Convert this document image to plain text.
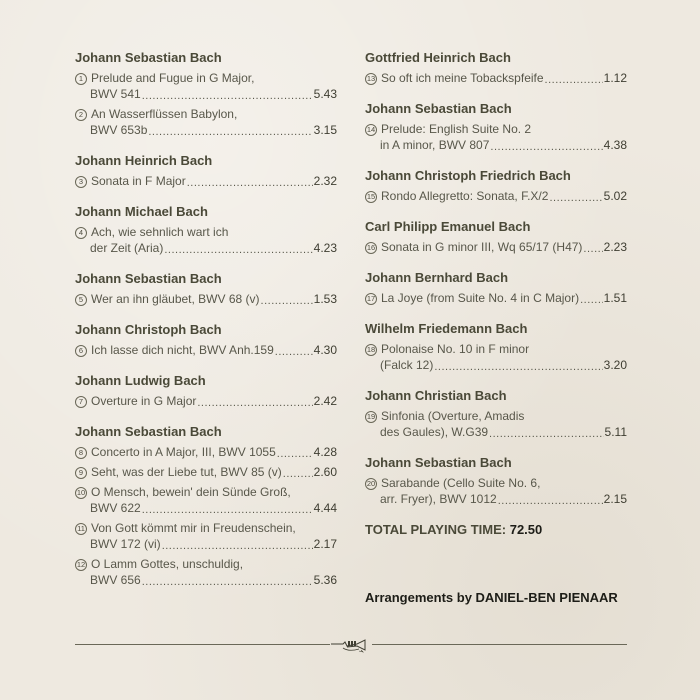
Johann Sebastian Bach
1 Prelude and Fugue in G Major,
BWV 541 .....	5.43
2 An Wasserflüssen Babylon,
BWV 653b .....	3.15
Johann Heinrich Bach
3 Sonata in F Major .....	2.32
Johann Michael Bach
4 Ach, wie sehnlich wart ich
der Zeit (Aria) .....	4.23
Johann Sebastian Bach
5 Wer an ihn gläubet, BWV 68 (v) .....	1.53
Johann Christoph Bach
6 Ich lasse dich nicht, BWV Anh.159 .....	4.30
Johann Ludwig Bach
7 Overture in G Major .....	2.42
Johann Sebastian Bach
8 Concerto in A Major, III, BWV 1055 .....	4.28
9 Seht, was der Liebe tut, BWV 85 (v) .....	2.60
10 O Mensch, bewein' dein Sünde Groß,
BWV 622 .....	4.44
11 Von Gott kömmt mir in Freudenschein,
BWV 172 (vi) .....	2.17
12 O Lamm Gottes, unschuldig,
BWV 656 .....	5.36
Gottfried Heinrich Bach
13 So oft ich meine Tobackspfeife .....	1.12
Johann Sebastian Bach
14 Prelude: English Suite No. 2
in A minor, BWV 807 .....	4.38
Johann Christoph Friedrich Bach
15 Rondo Allegretto: Sonata, F.X/2 .....	5.02
Carl Philipp Emanuel Bach
16 Sonata in G minor III, Wq 65/17 (H47) ..... 2.23
Johann Bernhard Bach
17 La Joye (from Suite No. 4 in C Major) ..... 1.51
Wilhelm Friedemann Bach
18 Polonaise No. 10 in F minor
(Falck 12) .....	3.20
Johann Christian Bach
19 Sinfonia (Overture, Amadis
des Gaules), W.G39 .....	5.11
Johann Sebastian Bach
20 Sarabande (Cello Suite No. 6,
arr. Fryer), BWV 1012 .....	2.15
TOTAL PLAYING TIME: 72.50
Arrangements by DANIEL-BEN PIENAAR
